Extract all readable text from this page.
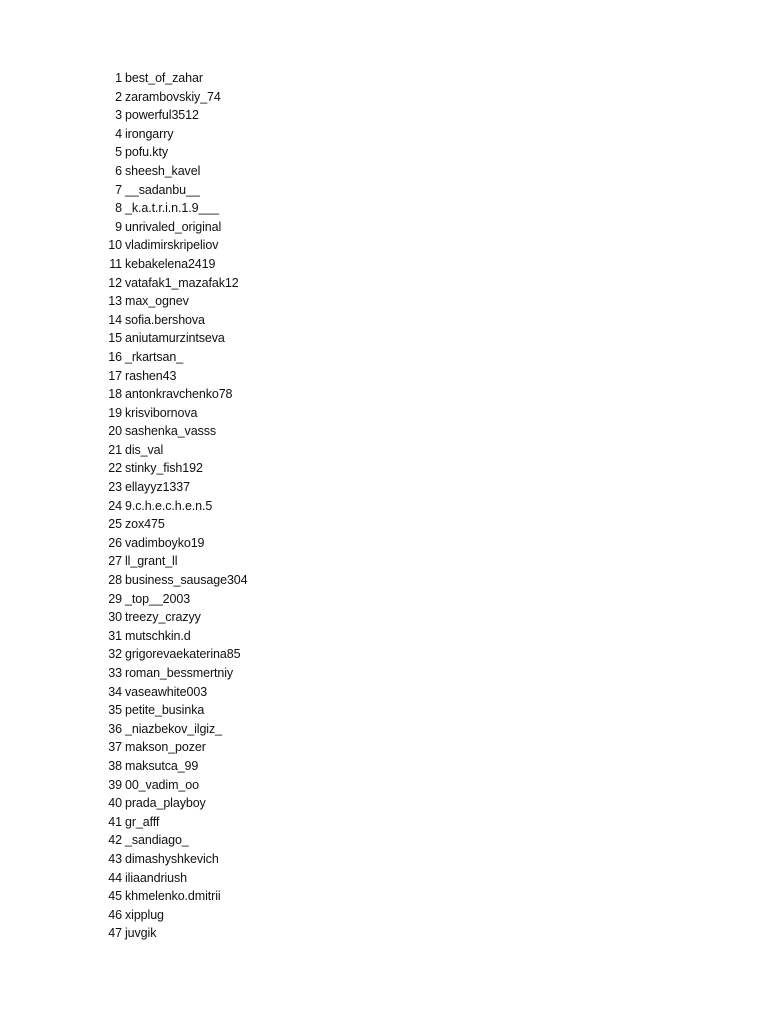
1 best_of_zahar
2 zarambovskiy_74
3 powerful3512
4 irongarry
5 pofu.kty
6 sheesh_kavel
7 __sadanbu__
8 _k.a.t.r.i.n.1.9___
9 unrivaled_original
10 vladimirskripeliov
11 kebakelena2419
12 vatafak1_mazafak12
13 max_ognev
14 sofia.bershova
15 aniutamurzintseva
16 _rkartsan_
17 rashen43
18 antonkravchenko78
19 krisvibornova
20 sashenka_vasss
21 dis_val
22 stinky_fish192
23 ellayyz1337
24 9.c.h.e.c.h.e.n.5
25 zox475
26 vadimboyko19
27 ll_grant_ll
28 business_sausage304
29 _top__2003
30 treezy_crazyy
31 mutschkin.d
32 grigorevaekaterina85
33 roman_bessmertniy
34 vaseawhite003
35 petite_businka
36 _niazbekov_ilgiz_
37 makson_pozer
38 maksutca_99
39 00_vadim_oo
40 prada_playboy
41 gr_afff
42 _sandiago_
43 dimashyshkevich
44 iliaandriush
45 khmelenko.dmitrii
46 xipplug
47 juvgik
